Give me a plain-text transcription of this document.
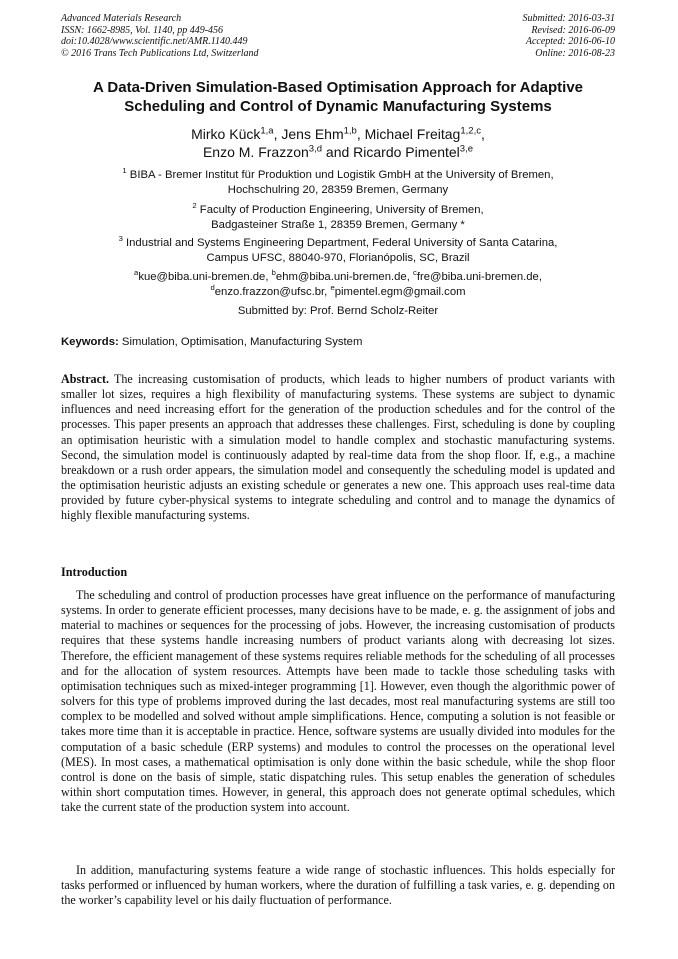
Advanced Materials Research
ISSN: 1662-8985, Vol. 1140, pp 449-456
doi:10.4028/www.scientific.net/AMR.1140.449
© 2016 Trans Tech Publications Ltd, Switzerland
Submitted: 2016-03-31
Revised: 2016-06-09
Accepted: 2016-06-10
Online: 2016-08-23
A Data-Driven Simulation-Based Optimisation Approach for Adaptive
Scheduling and Control of Dynamic Manufacturing Systems
Mirko Kück$^{1,a}$, Jens Ehm$^{1,b}$, Michael Freitag$^{1,2,c}$,
Enzo M. Frazzon$^{3,d}$ and Ricardo Pimentel$^{3,e}$
$^1$ BIBA - Bremer Institut für Produktion und Logistik GmbH at the University of Bremen,
Hochschulring 20, 28359 Bremen, Germany
$^2$ Faculty of Production Engineering, University of Bremen,
Badgasteiner Straße 1, 28359 Bremen, Germany *
$^3$ Industrial and Systems Engineering Department, Federal University of Santa Catarina,
Campus UFSC, 88040-970, Florianópolis, SC, Brazil
$^a$kue@biba.uni-bremen.de, $^b$ehm@biba.uni-bremen.de, $^c$fre@biba.uni-bremen.de,
$^d$enzo.frazzon@ufsc.br, $^e$pimentel.egm@gmail.com
Submitted by: Prof. Bernd Scholz-Reiter
Keywords: Simulation, Optimisation, Manufacturing System
Abstract. The increasing customisation of products, which leads to higher numbers of product variants with smaller lot sizes, requires a high flexibility of manufacturing systems. These systems are subject to dynamic influences and need increasing effort for the generation of the production schedules and for the control of the processes. This paper presents an approach that addresses these challenges. First, scheduling is done by coupling an optimisation heuristic with a simulation model to handle complex and stochastic manufacturing systems. Second, the simulation model is continuously adapted by real-time data from the shop floor. If, e.g., a machine breakdown or a rush order appears, the simulation model and consequently the scheduling model is updated and the optimisation heuristic adjusts an existing schedule or generates a new one. This approach uses real-time data provided by future cyber-physical systems to integrate scheduling and control and to manage the dynamics of highly flexible manufacturing systems.
Introduction
The scheduling and control of production processes have great influence on the performance of manufacturing systems. In order to generate efficient processes, many decisions have to be made, e. g. the assignment of jobs and material to machines or sequences for the processing of jobs. However, the increasing customisation of products requires that these systems handle increasing numbers of product variants along with decreasing lot sizes. Therefore, the efficient management of these systems requires reliable methods for the scheduling of all processes and for the allocation of system resources. Attempts have been made to tackle those scheduling tasks with optimisation techniques such as mixed-integer programming [1]. However, even though the algorithmic power of solvers for this type of problems improved during the last decades, most real manufacturing systems are still too complex to be modelled and solved without ample simplifications. Hence, computing a solution is not feasible or takes more time than it is acceptable in practice. Hence, software systems are usually divided into modules for the computation of a basic schedule (ERP systems) and modules to control the processes on the operational level (MES). In most cases, a mathematical optimisation is only done within the basic schedule, while the shop floor control is done on the basis of simple, static dispatching rules. This setup enables the generation of schedules within short computation times. However, in general, this approach does not generate optimal schedules, which take the current state of the production system into account.
In addition, manufacturing systems feature a wide range of stochastic influences. This holds especially for tasks performed or influenced by human workers, where the duration of fulfilling a task varies, e. g. depending on the worker’s capability level or his daily fluctuation of performance.
